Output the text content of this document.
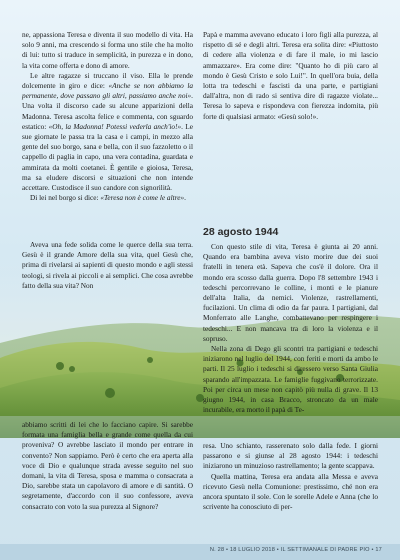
ne, appassiona Teresa e diventa il suo modello di vita. Ha solo 9 anni, ma crescendo si forma uno stile che ha molto di lui: tutto si traduce in semplicità, in purezza e in dono, la vita come offerta e dono di amore.

Le altre ragazze si truccano il viso. Ella le prende dolcemente in giro e dice: «Anche se non abbiamo la permanente, dove passano gli altri, passiamo anche noi». Una volta il discorso cade su alcune apparizioni della Madonna. Teresa ascolta felice e commenta, con sguardo estatico: «Oh, la Madonna! Potessi vederla anch'io!». Le sue giornate le passa tra la casa e i campi, in mezzo alla gente del suo borgo, sana e bella, con il suo fazzoletto o il cappello di paglia in capo, una vera contadina, guardata e ammirata da molti coetanei. È gentile e gioiosa, Teresa, ma sa eludere discorsi e situazioni che non intende accettare. Custodisce il suo candore con signorilità.

Di lei nel borgo si dice: «Teresa non è come le altre».

Aveva una fede solida come le querce della sua terra. Gesù è il grande Amore della sua vita, quel Gesù che, prima di rivelarsi ai sapienti di questo mondo e agli stessi teologi, si rivela ai piccoli e ai semplici. Che cosa avrebbe fatto della sua vita? Non

abbiamo scritti di lei che lo facciano capire. Si sarebbe formata una famiglia bella e grande come quella da cui proveniva? O avrebbe lasciato il mondo per entrare in convento? Non sappiamo. Però è certo che era aperta alla voce di Dio e qualunque strada avesse seguito nel suo domani, la vita di Teresa, sposa e mamma o consacrata a Dio, sarebbe stata un capolavoro di amore e di santità. O segretamente, d'accordo con il suo confessore, aveva consacrato con voto la sua purezza al Signore?

Papà e mamma avevano educato i loro figli alla purezza, al rispetto di sé e degli altri. Teresa era solita dire: «Piuttosto di cedere alla violenza e di fare il male, io mi lascio ammazzare». Era come dire: "Quanto ho di più caro al mondo è Gesù Cristo e solo Lui!". In quell'ora buia, della lotta tra tedeschi e fascisti da una parte, e partigiani dall'altra, non di rado si sentiva dire di ragazze violate... Teresa lo sapeva e rispondeva con fierezza indomita, più forte di qualsiasi armato: «Gesù solo!».

28 agosto 1944

Con questo stile di vita, Teresa è giunta ai 20 anni. Quando era bambina aveva visto morire due dei suoi fratelli in tenera età. Sapeva che cos'è il dolore. Ora il mondo era scosso dalla guerra. Dopo l'8 settembre 1943 i tedeschi percorrevano le colline, i monti e le pianure dell'alta Italia, da nemici. Violenze, rastrellamenti, fucilazioni. Un clima di odio da far paura. I partigiani, dal Monferrato alle Langhe, combattevano per respingere i tedeschi... E non mancava tra di loro la violenza e il sopruso.

Nella zona di Dego gli scontri tra partigiani e tedeschi iniziarono nel luglio del 1944, con feriti e morti da ambo le parti. Il 25 luglio i tedeschi si diressero verso Santa Giulia sparando all'impazzata. Le famiglie fuggivano terrorizzate. Poi per circa un mese non capitò più nulla di grave. Il 13 giugno 1944, in casa Bracco, stroncato da un male incurabile, era morto il papà di Te-

resa. Uno schianto, rasserenato solo dalla fede. I giorni passarono e si giunse al 28 agosto 1944: i tedeschi iniziarono un minuzioso rastrellamento; la gente scappava.

Quella mattina, Teresa era andata alla Messa e aveva ricevuto Gesù nella Comunione: prestissimo, ché non era ancora spuntato il sole. Con le sorelle Adele e Anna (che lo scrivente ha conosciuto di per-

N. 28 • 18 LUGLIO 2018 • IL SETTIMANALE DI PADRE PIO • 17
